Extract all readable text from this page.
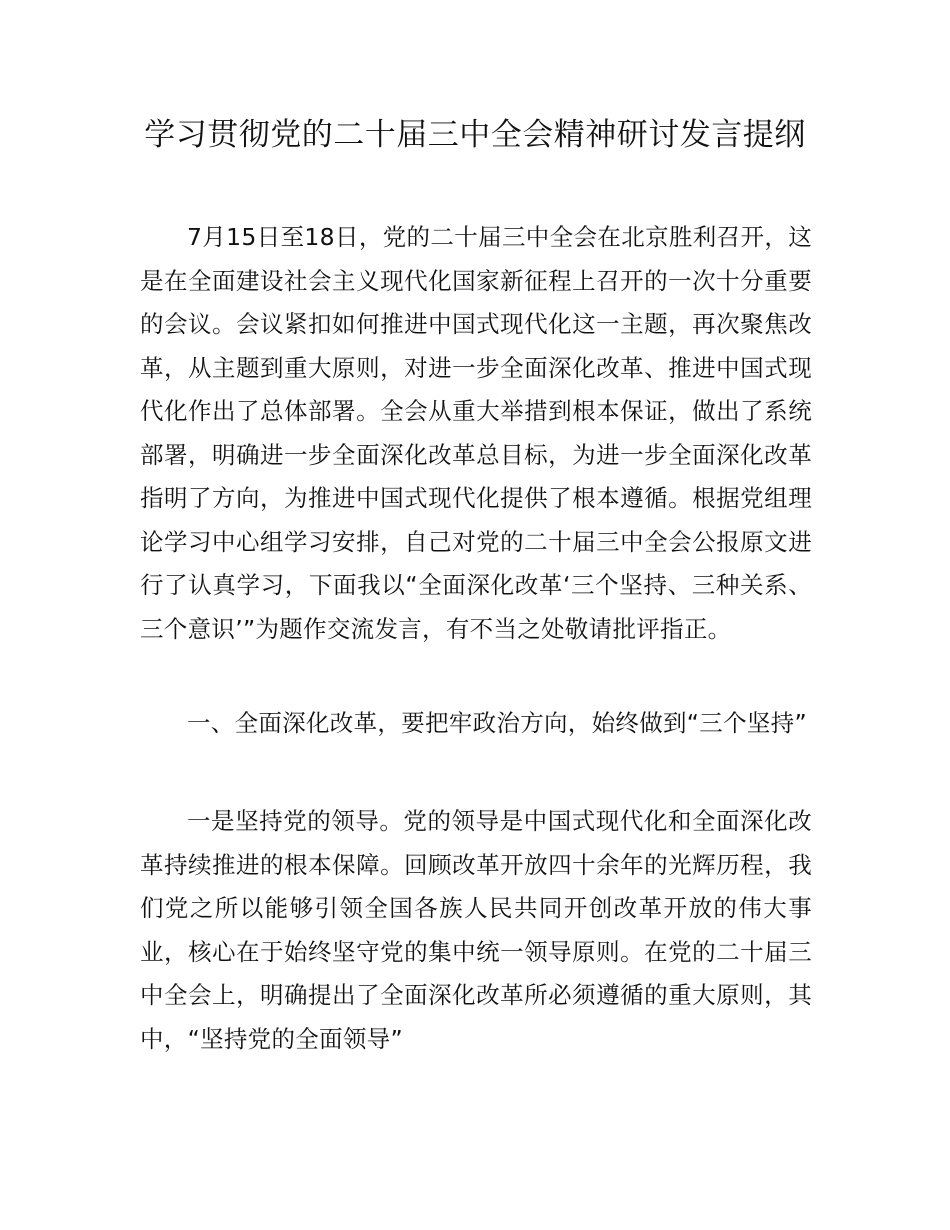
学习贯彻党的二十届三中全会精神研讨发言提纲

7月15日至18日，党的二十届三中全会在北京胜利召开，这是在全面建设社会主义现代化国家新征程上召开的一次十分重要的会议。会议紧扣如何推进中国式现代化这一主题，再次聚焦改革，从主题到重大原则，对进一步全面深化改革、推进中国式现代化作出了总体部署。全会从重大举措到根本保证，做出了系统部署，明确进一步全面深化改革总目标，为进一步全面深化改革指明了方向，为推进中国式现代化提供了根本遵循。根据党组理论学习中心组学习安排，自己对党的二十届三中全会公报原文进行了认真学习，下面我以“全面深化改革‘三个坚持、三种关系、三个意识’”为题作交流发言，有不当之处敬请批评指正。

一、全面深化改革，要把牢政治方向，始终做到“三个坚持”

一是坚持党的领导。党的领导是中国式现代化和全面深化改革持续推进的根本保障。回顾改革开放四十余年的光辉历程，我们党之所以能够引领全国各族人民共同开创改革开放的伟大事业，核心在于始终坚守党的集中统一领导原则。在党的二十届三中全会上，明确提出了全面深化改革所必须遵循的重大原则，其中，“坚持党的全面领导”
